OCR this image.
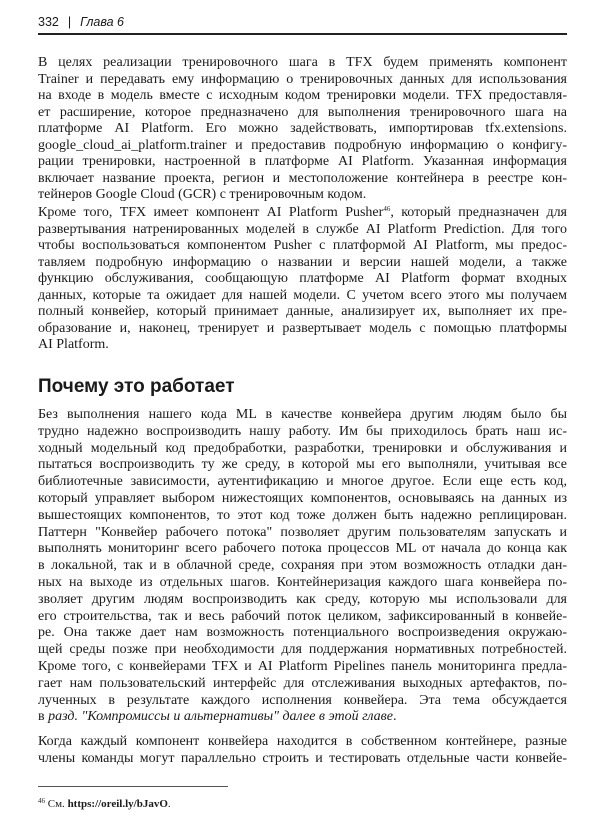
332 | Глава 6
В целях реализации тренировочного шага в TFX будем применять компонент
Trainer и передавать ему информацию о тренировочных данных для использования
на входе в модель вместе с исходным кодом тренировки модели. TFX предоставля-
ет расширение, которое предназначено для выполнения тренировочного шага на
платформе AI Platform. Его можно задействовать, импортировав tfx.extensions.
google_cloud_ai_platform.trainer и предоставив подробную информацию о конфигу-
рации тренировки, настроенной в платформе AI Platform. Указанная информация
включает название проекта, регион и местоположение контейнера в реестре кон-
тейнеров Google Cloud (GCR) с тренировочным кодом.
Кроме того, TFX имеет компонент AI Platform Pusher$^{46}$, который предназначен для
развертывания натренированных моделей в службе AI Platform Prediction. Для того
чтобы воспользоваться компонентом Pusher с платформой AI Platform, мы предос-
тавляем подробную информацию о названии и версии нашей модели, а также
функцию обслуживания, сообщающую платформе AI Platform формат входных
данных, которые та ожидает для нашей модели. С учетом всего этого мы получаем
полный конвейер, который принимает данные, анализирует их, выполняет их пре-
образование и, наконец, тренирует и развертывает модель с помощью платформы
AI Platform.
Почему это работает
Без выполнения нашего кода ML в качестве конвейера другим людям было бы
трудно надежно воспроизводить нашу работу. Им бы приходилось брать наш ис-
ходный модельный код предобработки, разработки, тренировки и обслуживания и
пытаться воспроизводить ту же среду, в которой мы его выполняли, учитывая все
библиотечные зависимости, аутентификацию и многое другое. Если еще есть код,
который управляет выбором нижестоящих компонентов, основываясь на данных из
вышестоящих компонентов, то этот код тоже должен быть надежно реплицирован.
Паттерн "Конвейер рабочего потока" позволяет другим пользователям запускать и
выполнять мониторинг всего рабочего потока процессов ML от начала до конца как
в локальной, так и в облачной среде, сохраняя при этом возможность отладки дан-
ных на выходе из отдельных шагов. Контейнеризация каждого шага конвейера по-
зволяет другим людям воспроизводить как среду, которую мы использовали для
его строительства, так и весь рабочий поток целиком, зафиксированный в конвейе-
ре. Она также дает нам возможность потенциального воспроизведения окружаю-
щей среды позже при необходимости для поддержания нормативных потребностей.
Кроме того, с конвейерами TFX и AI Platform Pipelines панель мониторинга предла-
гает нам пользовательский интерфейс для отслеживания выходных артефактов, по-
лученных в результате каждого исполнения конвейера. Эта тема обсуждается
в разд. "Компромиссы и альтернативы" далее в этой главе.
Когда каждый компонент конвейера находится в собственном контейнере, разные
члены команды могут параллельно строить и тестировать отдельные части конвейе-
$^{46}$ См. https://oreil.ly/bJavO.
